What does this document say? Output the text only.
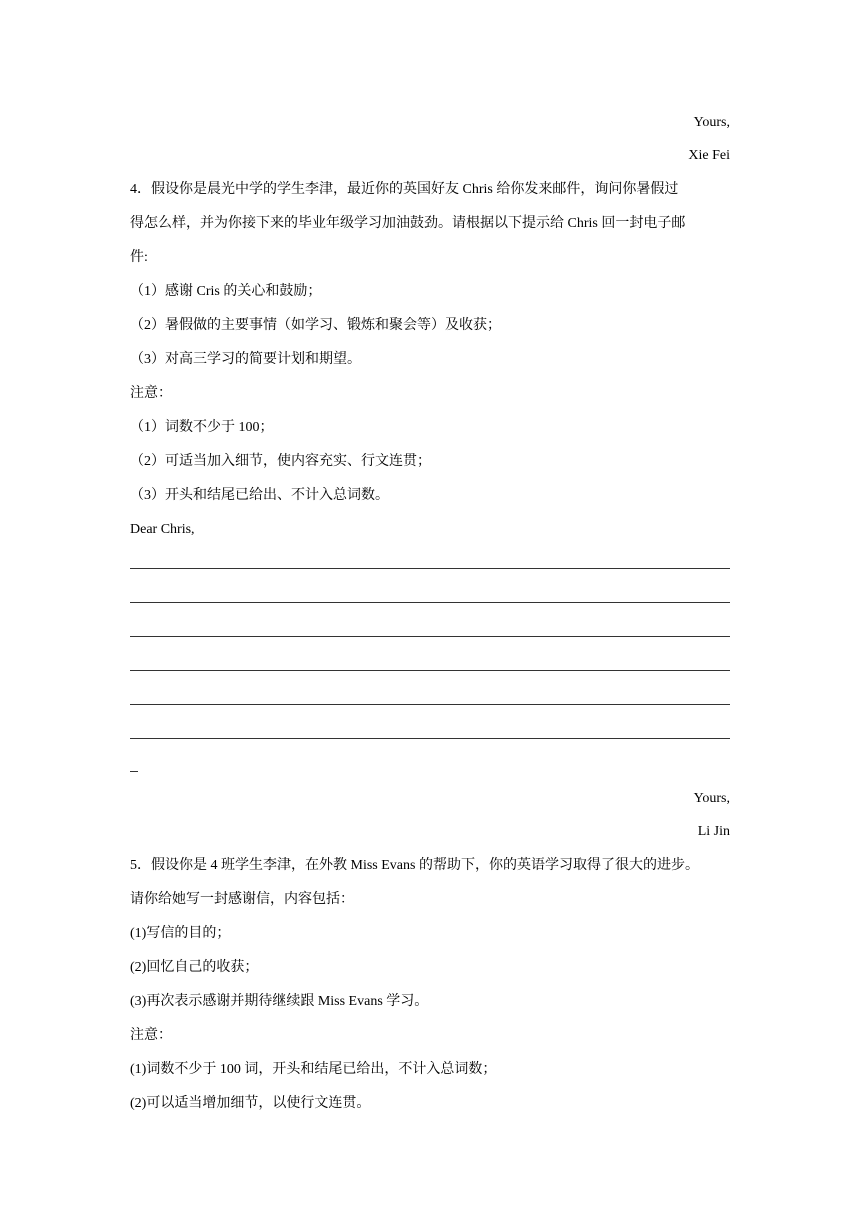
Yours,
Xie Fei
4．假设你是晨光中学的学生李津，最近你的英国好友 Chris 给你发来邮件，询问你暑假过
得怎么样，并为你接下来的毕业年级学习加油鼓劲。请根据以下提示给 Chris 回一封电子邮
件:
（1）感谢 Cris 的关心和鼓励；
（2）暑假做的主要事情（如学习、锻炼和聚会等）及收获；
（3）对高三学习的简要计划和期望。
注意：
（1）词数不少于 100；
（2）可适当加入细节，使内容充实、行文连贯；
（3）开头和结尾已给出、不计入总词数。
Dear Chris,
Yours,
Li Jin
5．假设你是 4 班学生李津，在外教 Miss Evans 的帮助下，你的英语学习取得了很大的进步。
请你给她写一封感谢信，内容包括：
(1)写信的目的；
(2)回忆自己的收获；
(3)再次表示感谢并期待继续跟 Miss Evans 学习。
注意：
(1)词数不少于 100 词，开头和结尾已给出，不计入总词数；
(2)可以适当增加细节，以使行文连贯。
